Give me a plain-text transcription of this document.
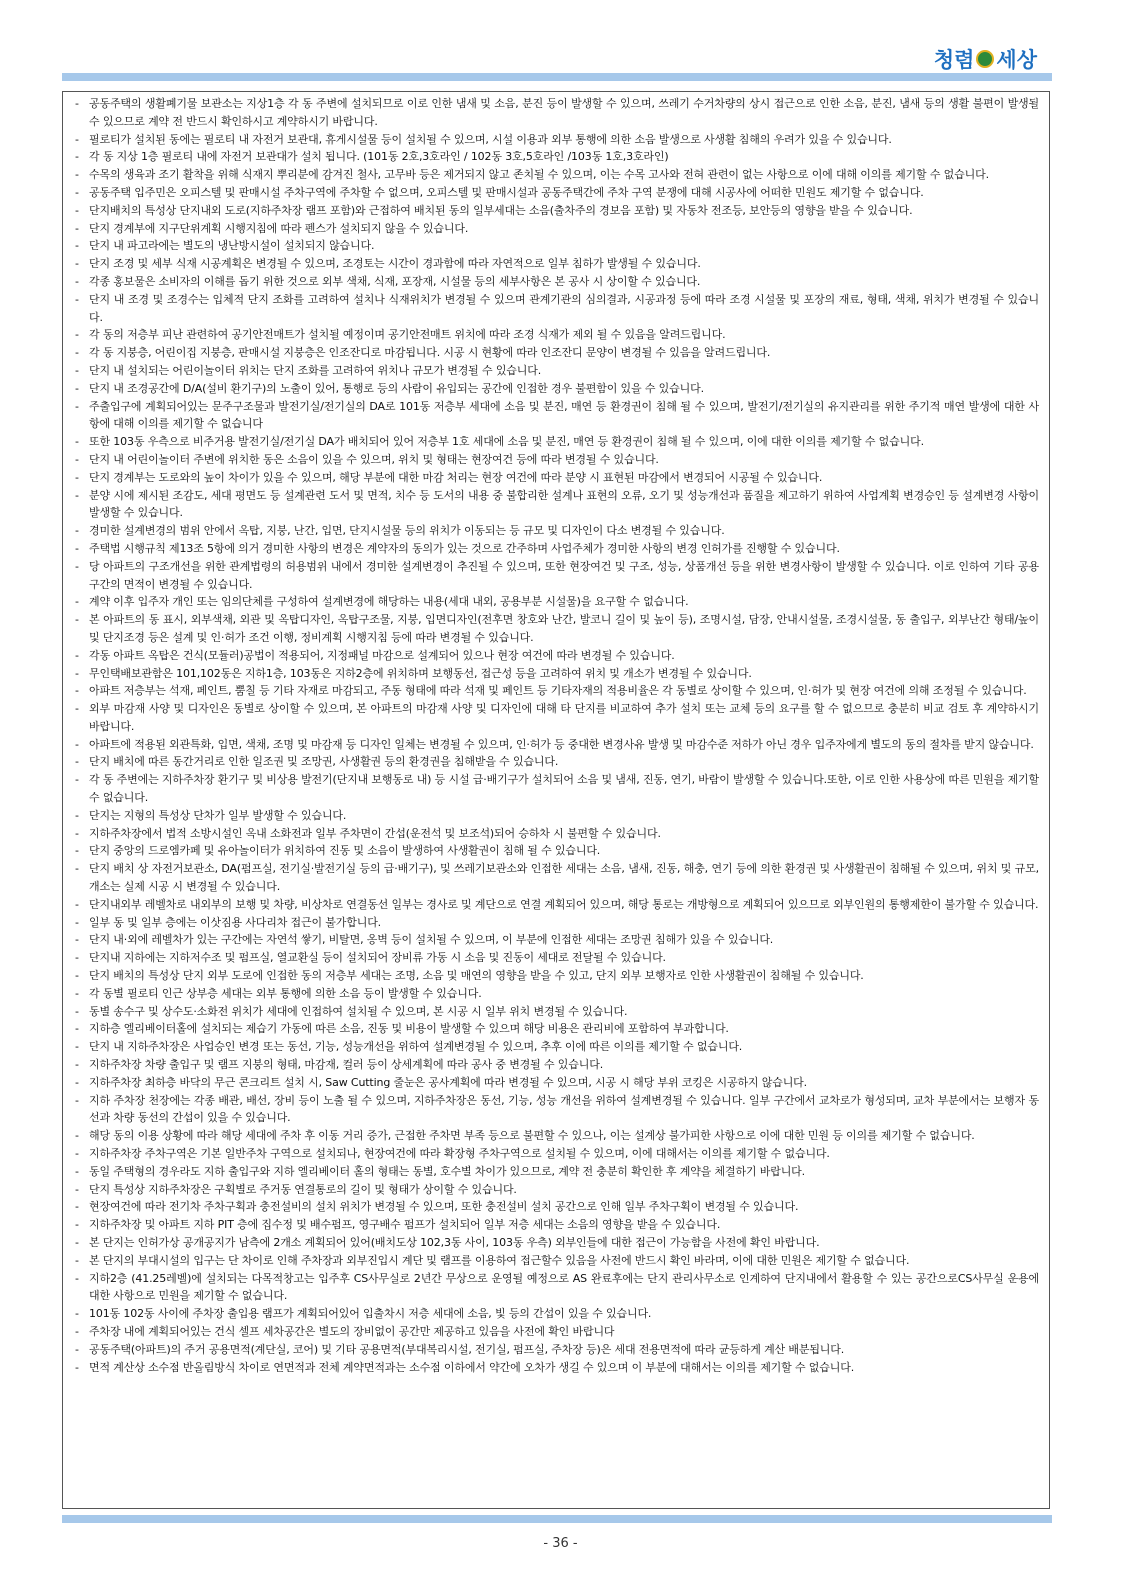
청렴 세상
- 공동주택의 생활폐기물 보관소는 지상1층 각 동 주변에 설치되므로 이로 인한 냄새 및 소음, 분진 등이 발생할 수 있으며, 쓰레기 수거차량의 상시 접근으로 인한 소음, 분진, 냄새 등의 생활 불편이 발생될 수 있으므로 계약 전 반드시 확인하시고 계약하시기 바랍니다.
- 필로티가 설치된 동에는 필로티 내 자전거 보관대, 휴게시설물 등이 설치될 수 있으며, 시설 이용과 외부 통행에 의한 소음 발생으로 사생활 침해의 우려가 있을 수 있습니다.
- 각 동 지상 1층 필로티 내에 자전거 보관대가 설치 됩니다. (101동 2호,3호라인 / 102동 3호,5호라인 /103동 1호,3호라인)
- 수목의 생육과 조기 활착을 위해 식재지 뿌리분에 감겨진 철사, 고무바 등은 제거되지 않고 존치될 수 있으며, 이는 수목 고사와 전혀 관련이 없는 사항으로 이에 대해 이의를 제기할 수 없습니다.
- 공동주택 입주민은 오피스텔 및 판매시설 주차구역에 주차할 수 없으며, 오피스텔 및 판매시설과 공동주택간에 주차 구역 분쟁에 대해 시공사에 어떠한 민원도 제기할 수 없습니다.
- 단지배치의 특성상 단지내외 도로(지하주차장 램프 포함)와 근접하여 배치된 동의 일부세대는 소음(출차주의 경보음 포함) 및 자동차 전조등, 보안등의 영향을 받을 수 있습니다.
- 단지 경계부에 지구단위계획 시행지침에 따라 펜스가 설치되지 않을 수 있습니다.
- 단지 내 파고라에는 별도의 냉난방시설이 설치되지 않습니다.
- 단지 조경 및 세부 식재 시공계획은 변경될 수 있으며, 조경토는 시간이 경과함에 따라 자연적으로 일부 침하가 발생될 수 있습니다.
- 각종 홍보물은 소비자의 이해를 돕기 위한 것으로 외부 색채, 식재, 포장재, 시설물 등의 세부사항은 본 공사 시 상이할 수 있습니다.
- 단지 내 조경 및 조경수는 입체적 단지 조화를 고려하여 설치나 식재위치가 변경될 수 있으며 관계기관의 심의결과, 시공과정 등에 따라 조경 시설물 및 포장의 재료, 형태, 색채, 위치가 변경될 수 있습니다.
- 각 동의 저층부 피난 관련하여 공기안전매트가 설치될 예정이며 공기안전매트 위치에 따라 조경 식재가 제외 될 수 있음을 알려드립니다.
- 각 동 지붕층, 어린이집 지붕층, 판매시설 지붕층은 인조잔디로 마감됩니다. 시공 시 현황에 따라 인조잔디 문양이 변경될 수 있음을 알려드립니다.
- 단지 내 설치되는 어린이놀이터 위치는 단지 조화를 고려하여 위치나 규모가 변경될 수 있습니다.
- 단지 내 조경공간에 D/A(설비 환기구)의 노출이 있어, 통행로 등의 사람이 유입되는 공간에 인접한 경우 불편함이 있을 수 있습니다.
- 주출입구에 계획되어있는 문주구조물과 발전기실/전기실의 DA로 101동 저층부 세대에 소음 및 분진, 매연 등 환경권이 침해 될 수 있으며, 발전기/전기실의 유지관리를 위한 주기적 매연 발생에 대한 사항에 대해 이의를 제기할 수 없습니다
- 또한 103동 우측으로 비주거용 발전기실/전기실 DA가 배치되어 있어 저층부 1호 세대에 소음 및 분진, 매연 등 환경권이 침해 될 수 있으며, 이에 대한 이의를 제기할 수 없습니다.
- 단지 내 어린이놀이터 주변에 위치한 동은 소음이 있을 수 있으며, 위치 및 형태는 현장여건 등에 따라 변경될 수 있습니다.
- 단지 경계부는 도로와의 높이 차이가 있을 수 있으며, 해당 부분에 대한 마감 처리는 현장 여건에 따라 분양 시 표현된 마감에서 변경되어 시공될 수 있습니다.
- 분양 시에 제시된 조감도, 세대 평면도 등 설계관련 도서 및 면적, 치수 등 도서의 내용 중 불합리한 설계나 표현의 오류, 오기 및 성능개선과 품질을 제고하기 위하여 사업계획 변경승인 등 설계변경 사항이 발생할 수 있습니다.
- 경미한 설계변경의 범위 안에서 옥탑, 지붕, 난간, 입면, 단지시설물 등의 위치가 이동되는 등 규모 및 디자인이 다소 변경될 수 있습니다.
- 주택법 시행규칙 제13조 5항에 의거 경미한 사항의 변경은 계약자의 동의가 있는 것으로 간주하며 사업주체가 경미한 사항의 변경 인허가를 진행할 수 있습니다.
- 당 아파트의 구조개선을 위한 관계법령의 허용범위 내에서 경미한 설계변경이 추진될 수 있으며, 또한 현장여건 및 구조, 성능, 상품개선 등을 위한 변경사항이 발생할 수 있습니다. 이로 인하여 기타 공용구간의 면적이 변경될 수 있습니다.
- 계약 이후 입주자 개인 또는 임의단체를 구성하여 설계변경에 해당하는 내용(세대 내외, 공용부분 시설물)을 요구할 수 없습니다.
- 본 아파트의 동 표시, 외부색채, 외관 및 옥탑디자인, 옥탑구조물, 지붕, 입면디자인(전후면 창호와 난간, 발코니 길이 및 높이 등), 조명시설, 담장, 안내시설물, 조경시설물, 동 출입구, 외부난간 형태/높이 및 단지조경 등은 설계 및 인·허가 조건 이행, 정비계획 시행지침 등에 따라 변경될 수 있습니다.
- 각동 아파트 옥탑은 건식(모듈러)공법이 적용되어, 지정패널 마감으로 설계되어 있으나 현장 여건에 따라 변경될 수 있습니다.
- 무인택배보관함은 101,102동은 지하1층, 103동은 지하2층에 위치하며 보행동선, 접근성 등을 고려하여 위치 및 개소가 변경될 수 있습니다.
- 아파트 저층부는 석재, 페인트, 뿜칠 등 기타 자재로 마감되고, 주동 형태에 따라 석재 및 페인트 등 기타자재의 적용비율은 각 동별로 상이할 수 있으며, 인·허가 및 현장 여건에 의해 조정될 수 있습니다.
- 외부 마감재 사양 및 디자인은 동별로 상이할 수 있으며, 본 아파트의 마감재 사양 및 디자인에 대해 타 단지를 비교하여 추가 설치 또는 교체 등의 요구를 할 수 없으므로 충분히 비교 검토 후 계약하시기 바랍니다.
- 아파트에 적용된 외관특화, 입면, 색채, 조명 및 마감재 등 디자인 일체는 변경될 수 있으며, 인·허가 등 중대한 변경사유 발생 및 마감수준 저하가 아닌 경우 입주자에게 별도의 동의 절차를 받지 않습니다.
- 단지 배치에 따른 동간거리로 인한 일조권 및 조망권, 사생활권 등의 환경권을 침해받을 수 있습니다.
- 각 동 주변에는 지하주차장 환기구 및 비상용 발전기(단지내 보행동로 내) 등 시설 급·배기구가 설치되어 소음 및 냄새, 진동, 연기, 바람이 발생할 수 있습니다.또한, 이로 인한 사용상에 따른 민원을 제기할 수 없습니다.
- 단지는 지형의 특성상 단차가 일부 발생할 수 있습니다.
- 지하주차장에서 법적 소방시설인 옥내 소화전과 일부 주차면이 간섭(운전석 및 보조석)되어 승하차 시 불편할 수 있습니다.
- 단지 중앙의 드로엠카페 및 유아놀이터가 위치하여 진동 및 소음이 발생하여 사생활권이 침해 될 수 있습니다.
- 단지 배치 상 자전거보관소, DA(펌프실, 전기실·발전기실 등의 급·배기구), 및 쓰레기보관소와 인접한 세대는 소음, 냄새, 진동, 해충, 연기 등에 의한 환경권 및 사생활권이 침해될 수 있으며, 위치 및 규모, 개소는 실제 시공 시 변경될 수 있습니다.
- 단지내외부 레벨차로 내외부의 보행 및 차량, 비상차로 연결동선 일부는 경사로 및 계단으로 연결 계획되어 있으며, 해당 통로는 개방형으로 계획되어 있으므로 외부인원의 통행제한이 불가할 수 있습니다.
- 일부 동 및 일부 층에는 이삿짐용 사다리차 접근이 불가합니다.
- 단지 내·외에 레벨차가 있는 구간에는 자연석 쌓기, 비탈면, 옹벽 등이 설치될 수 있으며, 이 부분에 인접한 세대는 조망권 침해가 있을 수 있습니다.
- 단지내 지하에는 지하저수조 및 펌프실, 열교환실 등이 설치되어 장비류 가동 시 소음 및 진동이 세대로 전달될 수 있습니다.
- 단지 배치의 특성상 단지 외부 도로에 인접한 동의 저층부 세대는 조명, 소음 및 매연의 영향을 받을 수 있고, 단지 외부 보행자로 인한 사생활권이 침해될 수 있습니다.
- 각 동별 필로티 인근 상부층 세대는 외부 통행에 의한 소음 등이 발생할 수 있습니다.
- 동별 송수구 및 상수도·소화전 위치가 세대에 인접하여 설치될 수 있으며, 본 시공 시 일부 위치 변경될 수 있습니다.
- 지하층 엘리베이터홀에 설치되는 제습기 가동에 따른 소음, 진동 및 비용이 발생할 수 있으며 해당 비용은 관리비에 포함하여 부과합니다.
- 단지 내 지하주차장은 사업승인 변경 또는 동선, 기능, 성능개선을 위하여 설계변경될 수 있으며, 추후 이에 따른 이의를 제기할 수 없습니다.
- 지하주차장 차량 출입구 및 램프 지붕의 형태, 마감재, 컬러 등이 상세계획에 따라 공사 중 변경될 수 있습니다.
- 지하주차장 최하층 바닥의 무근 콘크리트 설치 시, Saw Cutting 줄눈은 공사계획에 따라 변경될 수 있으며, 시공 시 해당 부위 코킹은 시공하지 않습니다.
- 지하 주차장 천장에는 각종 배관, 배선, 장비 등이 노출 될 수 있으며, 지하주차장은 동선, 기능, 성능 개선을 위하여 설계변경될 수 있습니다. 일부 구간에서 교차로가 형성되며, 교차 부분에서는 보행자 동선과 차량 동선의 간섭이 있을 수 있습니다.
- 해당 동의 이용 상황에 따라 해당 세대에 주차 후 이동 거리 증가, 근접한 주차면 부족 등으로 불편할 수 있으나, 이는 설계상 불가피한 사항으로 이에 대한 민원 등 이의를 제기할 수 없습니다.
- 지하주차장 주차구역은 기본 일반주차 구역으로 설치되나, 현장여건에 따라 확장형 주차구역으로 설치될 수 있으며, 이에 대해서는 이의를 제기할 수 없습니다.
- 동일 주택형의 경우라도 지하 출입구와 지하 엘리베이터 홀의 형태는 동별, 호수별 차이가 있으므로, 계약 전 충분히 확인한 후 계약을 체결하기 바랍니다.
- 단지 특성상 지하주차장은 구획별로 주거동 연결통로의 길이 및 형태가 상이할 수 있습니다.
- 현장여건에 따라 전기차 주차구획과 충전설비의 설치 위치가 변경될 수 있으며, 또한 충전설비 설치 공간으로 인해 일부 주차구획이 변경될 수 있습니다.
- 지하주차장 및 아파트 지하 PIT 층에 집수정 및 배수펌프, 영구배수 펌프가 설치되어 일부 저층 세대는 소음의 영향을 받을 수 있습니다.
- 본 단지는 인허가상 공개공지가 남측에 2개소 계획되어 있어(배치도상 102,3동 사이, 103동 우측) 외부인들에 대한 접근이 가능함을 사전에 확인 바랍니다.
- 본 단지의 부대시설의 입구는 단 차이로 인해 주차장과 외부진입시 계단 및 램프를 이용하여 접근할수 있음을 사전에 반드시 확인 바라며, 이에 대한 민원은 제기할 수 없습니다.
- 지하2층 (41.25레벨)에 설치되는 다목적창고는 입주후 CS사무실로 2년간 무상으로 운영될 예정으로 AS 완료후에는 단지 관리사무소로 인계하여 단지내에서 활용할 수 있는 공간으로CS사무실 운용에 대한 사항으로 민원을 제기할 수 없습니다.
- 101동 102동 사이에 주차장 출입용 램프가 계획되어있어 입출차시 저층 세대에 소음, 빛 등의 간섭이 있을 수 있습니다.
- 주차장 내에 계획되어있는 건식 셀프 세차공간은 별도의 장비없이 공간만 제공하고 있음을 사전에 확인 바랍니다
- 공동주택(아파트)의 주거 공용면적(계단실, 코어) 및 기타 공용면적(부대복리시설, 전기실, 펌프실, 주차장 등)은 세대 전용면적에 따라 균등하게 계산 배분됩니다.
- 면적 계산상 소수점 반올림방식 차이로 연면적과 전체 계약면적과는 소수점 이하에서 약간에 오차가 생길 수 있으며 이 부분에 대해서는 이의를 제기할 수 없습니다.
- 36 -
